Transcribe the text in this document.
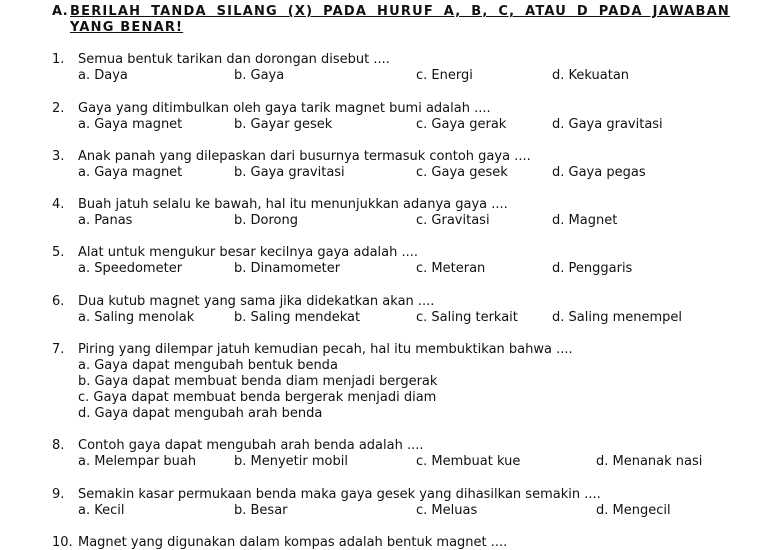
A. BERILAH TANDA SILANG (X) PADA HURUF A, B, C, ATAU D PADA JAWABAN YANG BENAR!
1. Semua bentuk tarikan dan dorongan disebut ....
a. Daya	b. Gaya	c. Energi	d. Kekuatan
2. Gaya yang ditimbulkan oleh gaya tarik magnet bumi adalah ....
a. Gaya magnet	b. Gayar gesek	c. Gaya gerak	d. Gaya gravitasi
3. Anak panah yang dilepaskan dari busurnya termasuk contoh gaya ....
a. Gaya magnet	b. Gaya gravitasi	c. Gaya gesek	d. Gaya pegas
4. Buah jatuh selalu ke bawah, hal itu menunjukkan adanya gaya ....
a. Panas	b. Dorong	c. Gravitasi	d. Magnet
5. Alat untuk mengukur besar kecilnya gaya adalah ....
a. Speedometer	b. Dinamometer	c. Meteran	d. Penggaris
6. Dua kutub magnet yang sama jika didekatkan akan ....
a. Saling menolak	b. Saling mendekat	c. Saling terkait	d. Saling menempel
7. Piring yang dilempar jatuh kemudian pecah, hal itu membuktikan bahwa ....
a. Gaya dapat mengubah bentuk benda
b. Gaya dapat membuat benda diam menjadi bergerak
c. Gaya dapat membuat benda bergerak menjadi diam
d. Gaya dapat mengubah arah benda
8. Contoh gaya dapat mengubah arah benda adalah ....
a. Melempar buah	b. Menyetir mobil	c. Membuat kue	d. Menanak nasi
9. Semakin kasar permukaan benda maka gaya gesek yang dihasilkan semakin ....
a. Kecil	b. Besar	c. Meluas	d. Mengecil
10. Magnet yang digunakan dalam kompas adalah bentuk magnet ....
